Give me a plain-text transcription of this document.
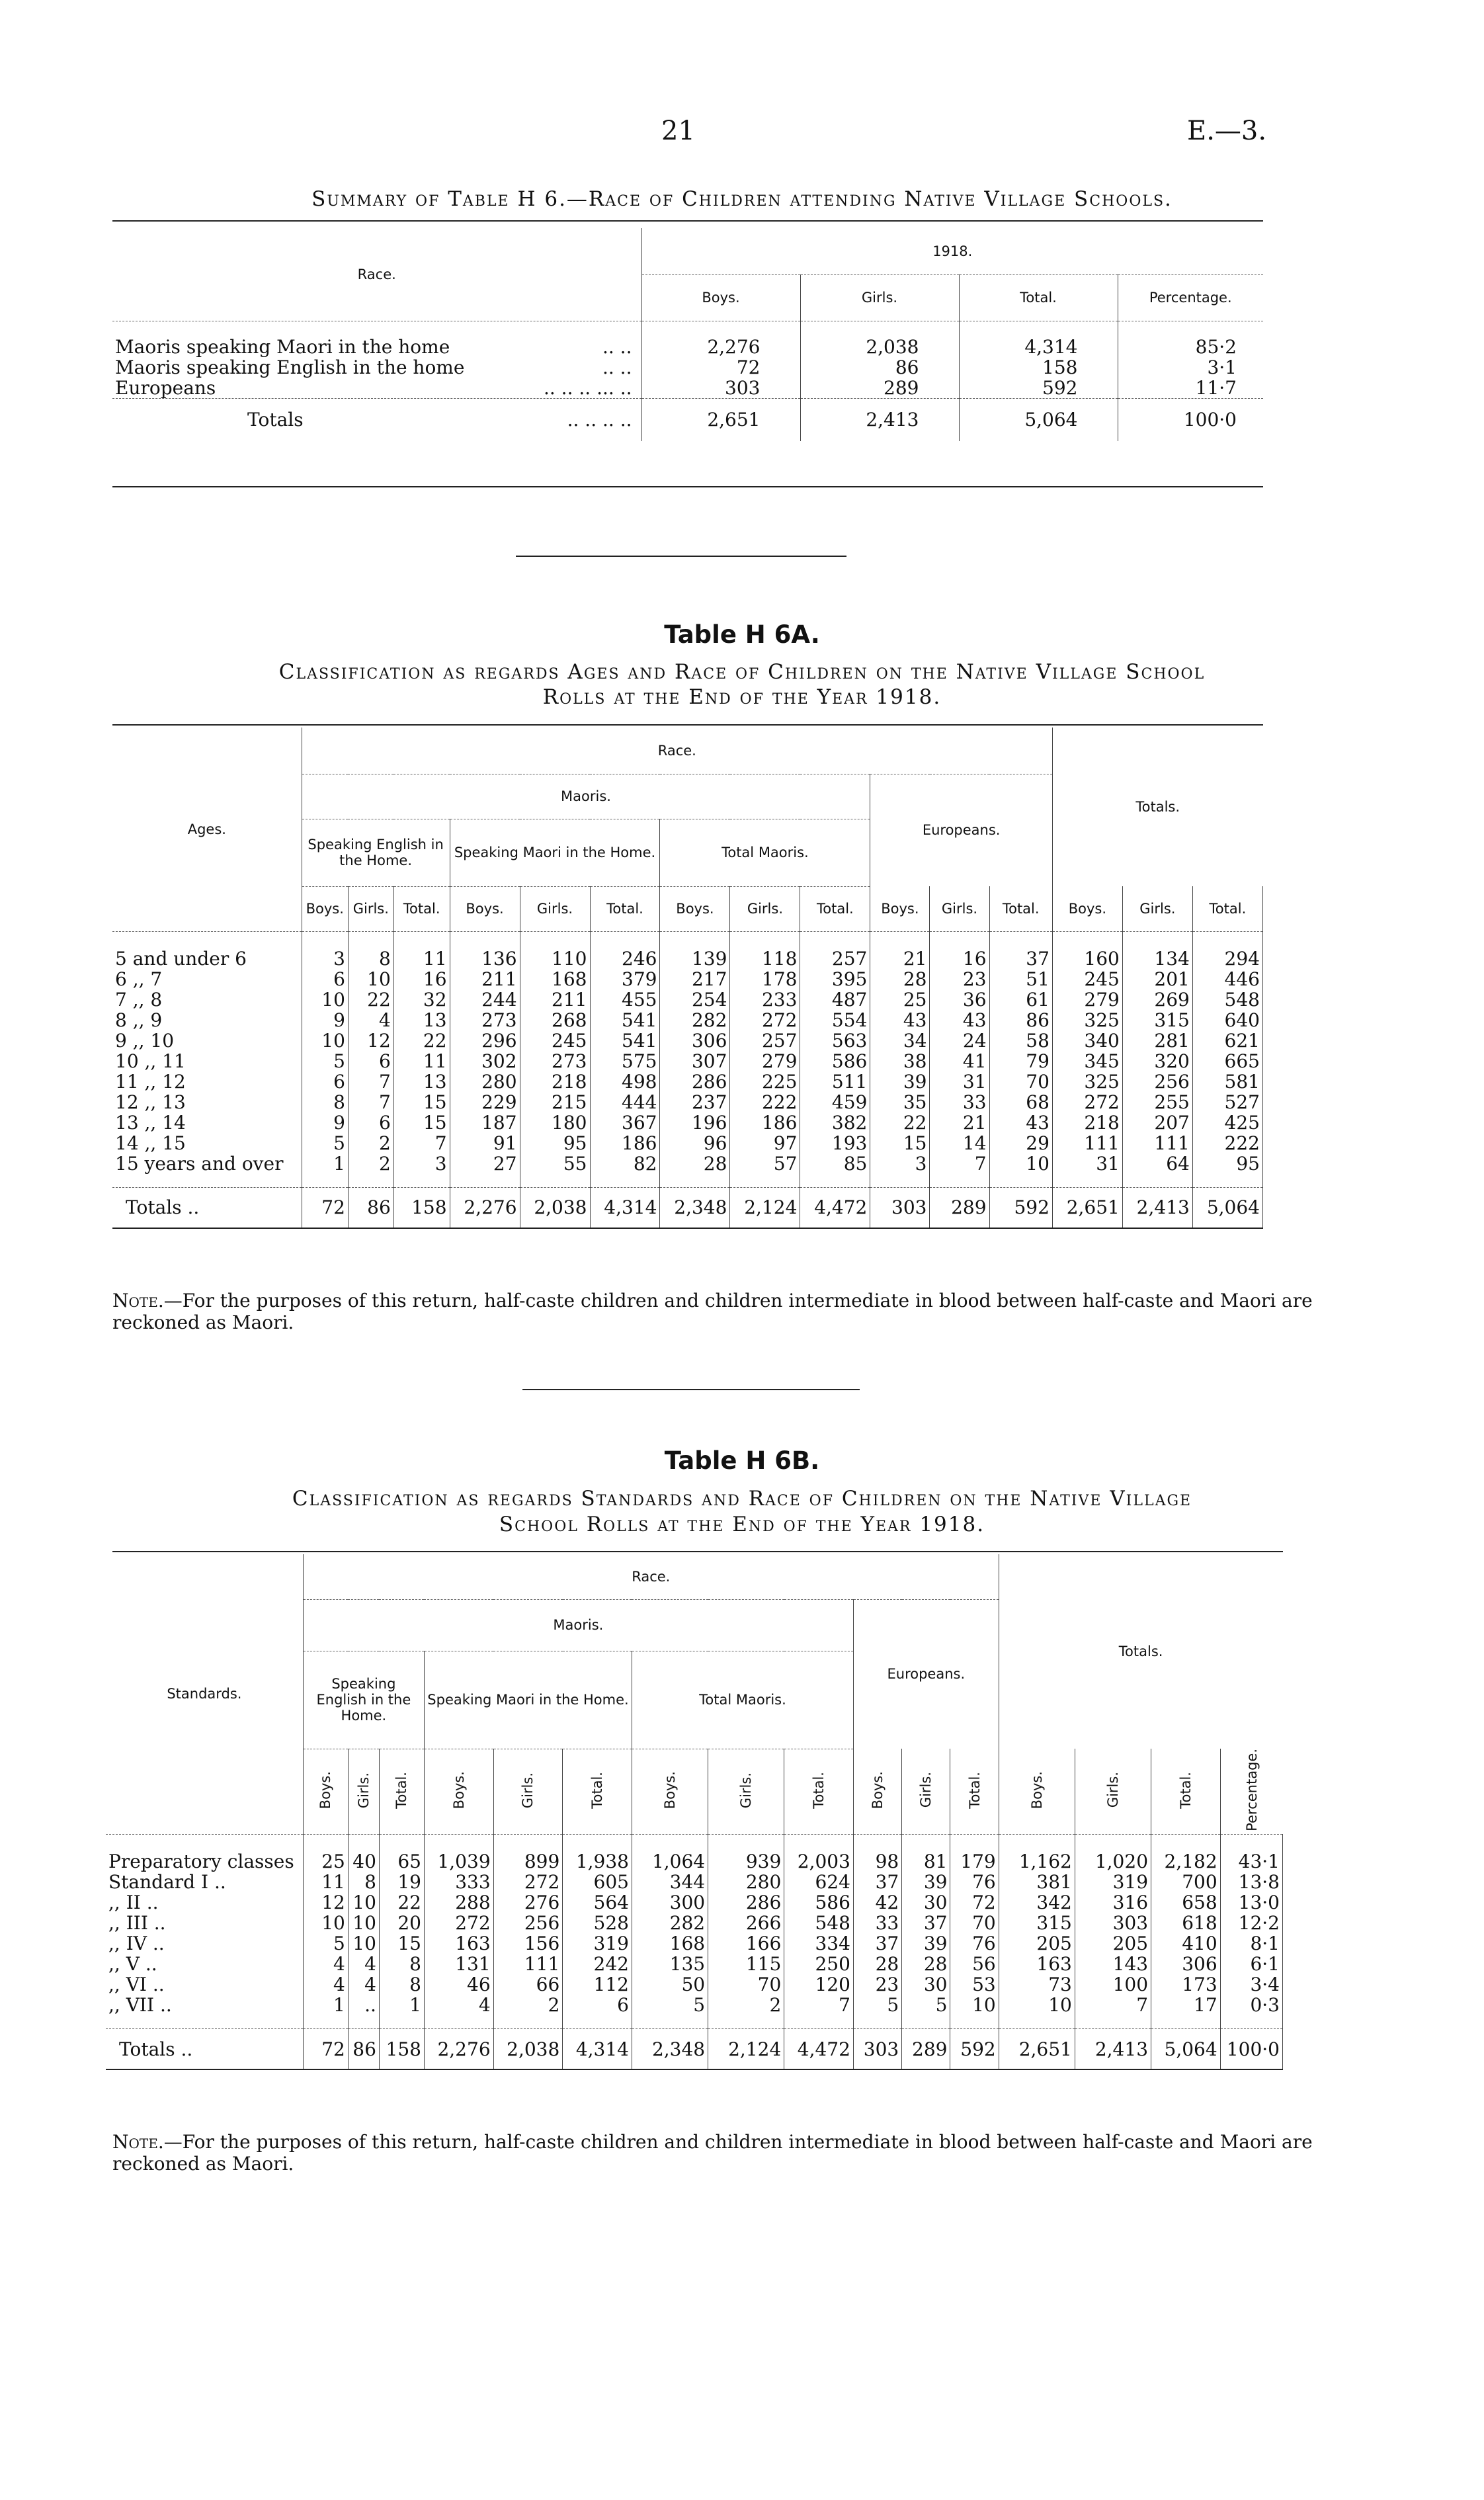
21	E.—3.
Summary of Table H 6.—Race of Children attending Native Village Schools.
Race.	1918.			
	Boys.	Girls.	Total.	Percentage.

Maoris speaking Maori in the home .. ..	2,276	2,038	4,314	85·2
Maoris speaking English in the home .. ..	72	86	158	3·1
Europeans .. .. .. ... ..	303	289	592	11·7
Totals .. .. .. ..	2,651	2,413	5,064	100·0
Table H 6A.
Classification as regards Ages and Race of Children on the Native Village School
Rolls at the End of the Year 1918.
Ages.	Race.												Totals.		
	Maoris.									Europeans.					
	Speaking English in the Home.			Speaking Maori in the Home.			Total Maoris.								
	Boys.	Girls.	Total.	Boys.	Girls.	Total.	Boys.	Girls.	Total.	Boys.	Girls.	Total.	Boys.	Girls.	Total.

5 and under 6	3	8	11	136	110	246	139	118	257	21	16	37	160	134	294
6 ,, 7	6	10	16	211	168	379	217	178	395	28	23	51	245	201	446
7 ,, 8	10	22	32	244	211	455	254	233	487	25	36	61	279	269	548
8 ,, 9	9	4	13	273	268	541	282	272	554	43	43	86	325	315	640
9 ,, 10	10	12	22	296	245	541	306	257	563	34	24	58	340	281	621
10 ,, 11	5	6	11	302	273	575	307	279	586	38	41	79	345	320	665
11 ,, 12	6	7	13	280	218	498	286	225	511	39	31	70	325	256	581
12 ,, 13	8	7	15	229	215	444	237	222	459	35	33	68	272	255	527
13 ,, 14	9	6	15	187	180	367	196	186	382	22	21	43	218	207	425
14 ,, 15	5	2	7	91	95	186	96	97	193	15	14	29	111	111	222
15 years and over	1	2	3	27	55	82	28	57	85	3	7	10	31	64	95

Totals ..	72	86	158	2,276	2,038	4,314	2,348	2,124	4,472	303	289	592	2,651	2,413	5,064

Note.—For the purposes of this return, half-caste children and children intermediate in blood between half-caste and Maori are reckoned as Maori.
Table H 6B.
Classification as regards Standards and Race of Children on the Native Village
School Rolls at the End of the Year 1918.
Standards.	Race.												Totals.			
	Maoris.									Europeans.						
	Speaking English in the Home.			Speaking Maori in the Home.			Total Maoris.									
	Boys.	Girls.	Total.	Boys.	Girls.	Total.	Boys.	Girls.	Total.	Boys.	Girls.	Total.	Boys.	Girls.	Total.	Percentage.

Preparatory classes	25	40	65	1,039	899	1,938	1,064	939	2,003	98	81	179	1,162	1,020	2,182	43·1
Standard I ..	11	8	19	333	272	605	344	280	624	37	39	76	381	319	700	13·8
,, II ..	12	10	22	288	276	564	300	286	586	42	30	72	342	316	658	13·0
,, III ..	10	10	20	272	256	528	282	266	548	33	37	70	315	303	618	12·2
,, IV ..	5	10	15	163	156	319	168	166	334	37	39	76	205	205	410	8·1
,, V ..	4	4	8	131	111	242	135	115	250	28	28	56	163	143	306	6·1
,, VI ..	4	4	8	46	66	112	50	70	120	23	30	53	73	100	173	3·4
,, VII ..	1	..	1	4	2	6	5	2	7	5	5	10	10	7	17	0·3

Totals ..	72	86	158	2,276	2,038	4,314	2,348	2,124	4,472	303	289	592	2,651	2,413	5,064	100·0

Note.—For the purposes of this return, half-caste children and children intermediate in blood between half-caste and Maori are reckoned as Maori.
